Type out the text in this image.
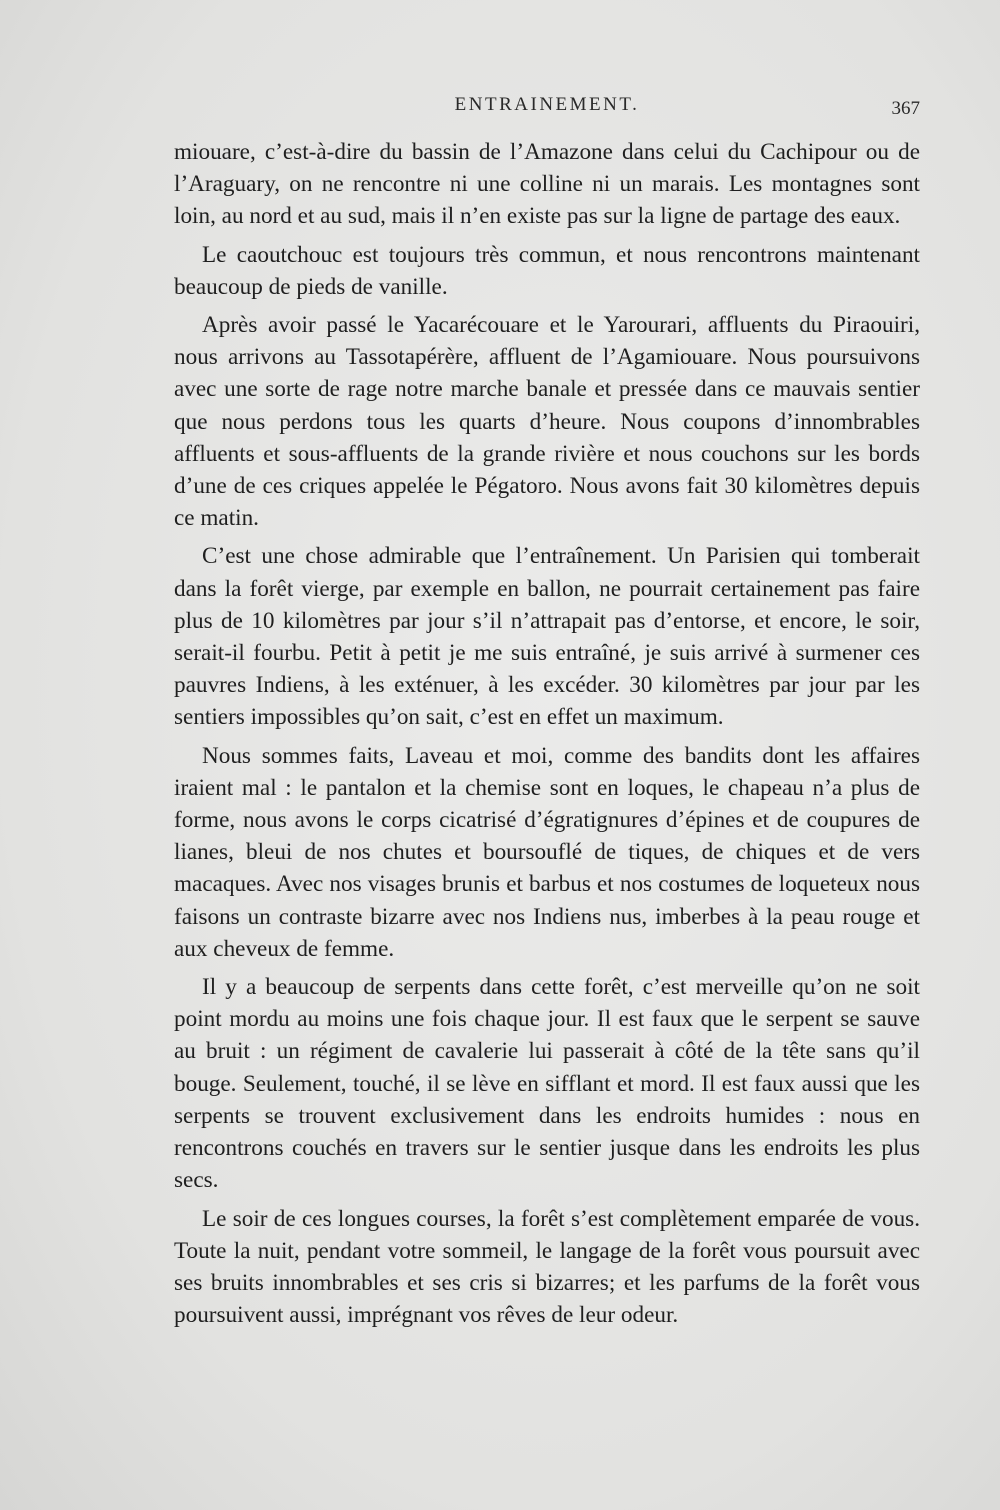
ENTRAINEMENT.	367

miouare, c’est-à-dire du bassin de l’Amazone dans celui du Cachipour ou de l’Araguary, on ne rencontre ni une colline ni un marais. Les montagnes sont loin, au nord et au sud, mais il n’en existe pas sur la ligne de partage des eaux.

Le caoutchouc est toujours très commun, et nous rencontrons maintenant beaucoup de pieds de vanille.

Après avoir passé le Yacarécouare et le Yarourari, affluents du Piraouiri, nous arrivons au Tassotapérère, affluent de l’Agamiouare. Nous poursuivons avec une sorte de rage notre marche banale et pressée dans ce mauvais sentier que nous perdons tous les quarts d’heure. Nous coupons d’innombrables affluents et sous-affluents de la grande rivière et nous couchons sur les bords d’une de ces criques appelée le Pégatoro. Nous avons fait 30 kilomètres depuis ce matin.

C’est une chose admirable que l’entraînement. Un Parisien qui tomberait dans la forêt vierge, par exemple en ballon, ne pourrait certainement pas faire plus de 10 kilomètres par jour s’il n’attrapait pas d’entorse, et encore, le soir, serait-il fourbu. Petit à petit je me suis entraîné, je suis arrivé à surmener ces pauvres Indiens, à les exténuer, à les excéder. 30 kilomètres par jour par les sentiers impossibles qu’on sait, c’est en effet un maximum.

Nous sommes faits, Laveau et moi, comme des bandits dont les affaires iraient mal : le pantalon et la chemise sont en loques, le chapeau n’a plus de forme, nous avons le corps cicatrisé d’égratignures d’épines et de coupures de lianes, bleui de nos chutes et boursouflé de tiques, de chiques et de vers macaques. Avec nos visages brunis et barbus et nos costumes de loqueteux nous faisons un contraste bizarre avec nos Indiens nus, imberbes à la peau rouge et aux cheveux de femme.

Il y a beaucoup de serpents dans cette forêt, c’est merveille qu’on ne soit point mordu au moins une fois chaque jour. Il est faux que le serpent se sauve au bruit : un régiment de cavalerie lui passerait à côté de la tête sans qu’il bouge. Seulement, touché, il se lève en sifflant et mord. Il est faux aussi que les serpents se trouvent exclusivement dans les endroits humides : nous en rencontrons couchés en travers sur le sentier jusque dans les endroits les plus secs.

Le soir de ces longues courses, la forêt s’est complètement emparée de vous. Toute la nuit, pendant votre sommeil, le langage de la forêt vous poursuit avec ses bruits innombrables et ses cris si bizarres; et les parfums de la forêt vous poursuivent aussi, imprégnant vos rêves de leur odeur.
